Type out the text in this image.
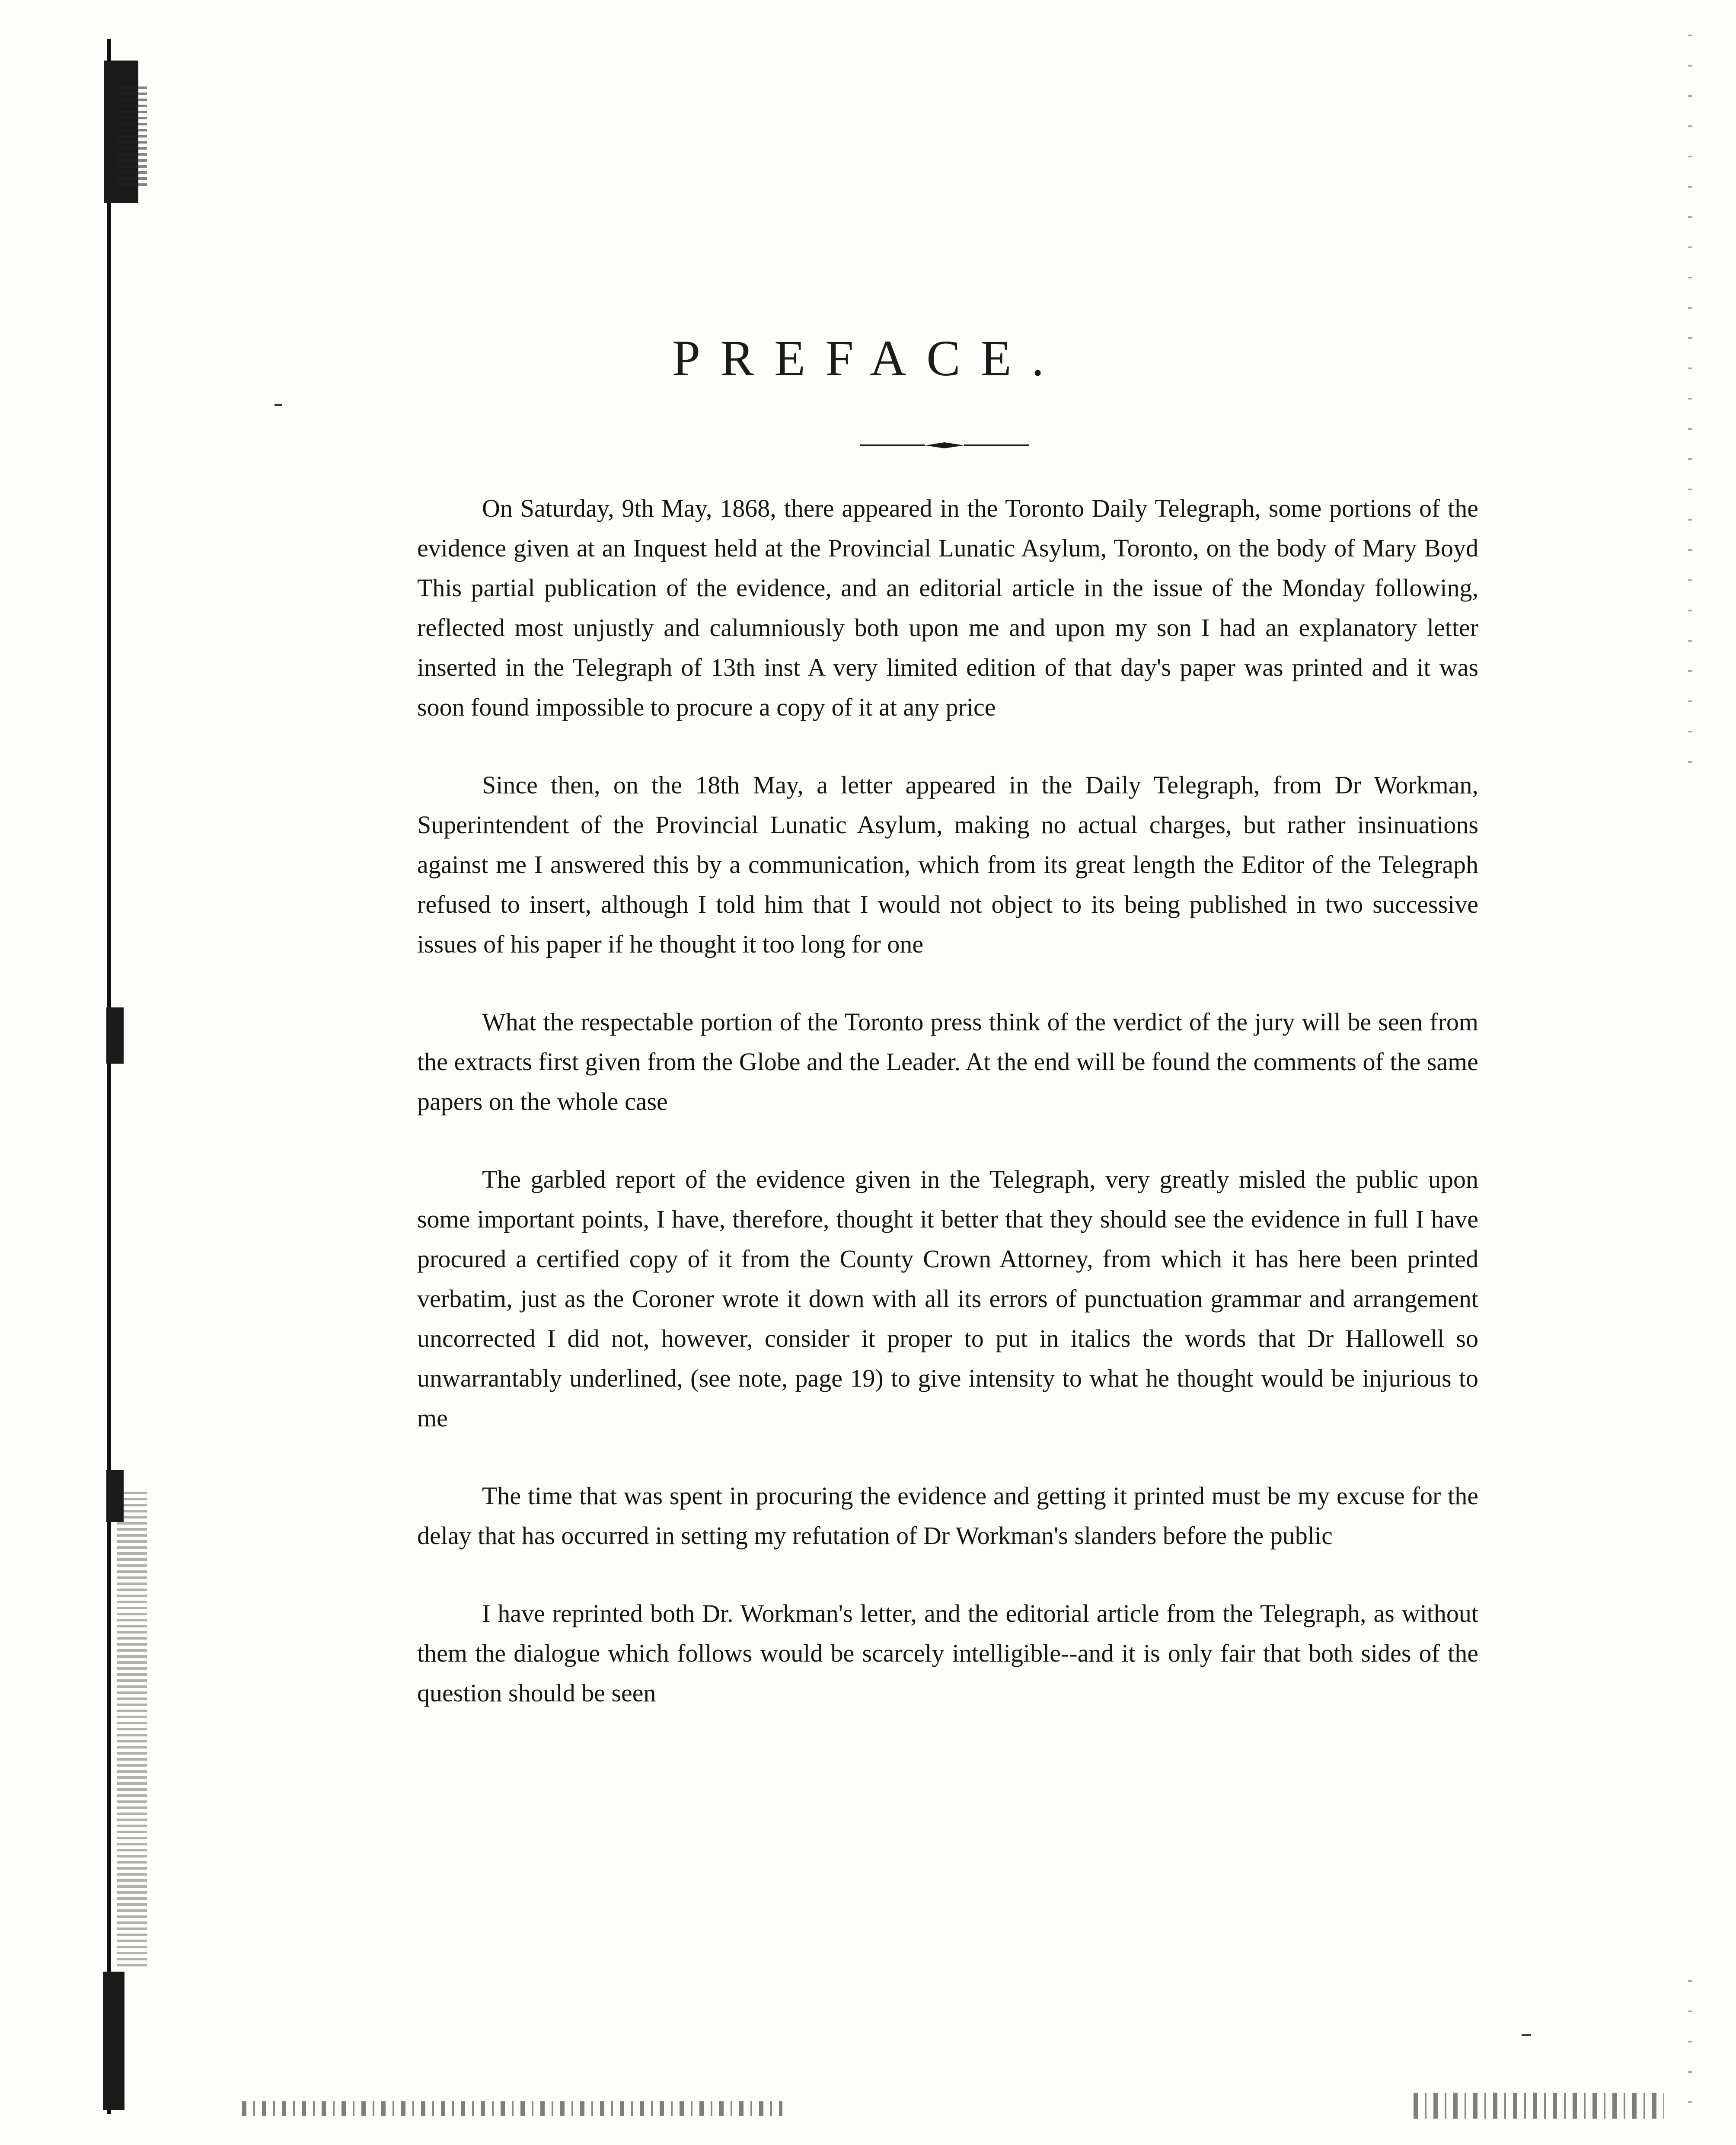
PREFACE.

On Saturday, 9th May, 1868, there appeared in the Toronto Daily Telegraph, some portions of the evidence given at an Inquest held at the Provincial Lunatic Asylum, Toronto, on the body of Mary Boyd This partial publication of the evidence, and an editorial article in the issue of the Monday following, reflected most unjustly and calumniously both upon me and upon my son I had an explanatory letter inserted in the Telegraph of 13th inst A very limited edition of that day's paper was printed and it was soon found impossible to procure a copy of it at any price

Since then, on the 18th May, a letter appeared in the Daily Telegraph, from Dr Workman, Superintendent of the Provincial Lunatic Asylum, making no actual charges, but rather insinuations against me I answered this by a communication, which from its great length the Editor of the Telegraph refused to insert, although I told him that I would not object to its being published in two successive issues of his paper if he thought it too long for one

What the respectable portion of the Toronto press think of the verdict of the jury will be seen from the extracts first given from the Globe and the Leader. At the end will be found the comments of the same papers on the whole case

The garbled report of the evidence given in the Telegraph, very greatly misled the public upon some important points, I have, therefore, thought it better that they should see the evidence in full I have procured a certified copy of it from the County Crown Attorney, from which it has here been printed verbatim, just as the Coroner wrote it down with all its errors of punctuation grammar and arrangement uncorrected I did not, however, consider it proper to put in italics the words that Dr Hallowell so unwarrantably underlined, (see note, page 19) to give intensity to what he thought would be injurious to me

The time that was spent in procuring the evidence and getting it printed must be my excuse for the delay that has occurred in setting my refutation of Dr Workman's slanders before the public

I have reprinted both Dr. Workman's letter, and the editorial article from the Telegraph, as without them the dialogue which follows would be scarcely intelligible--and it is only fair that both sides of the question should be seen
